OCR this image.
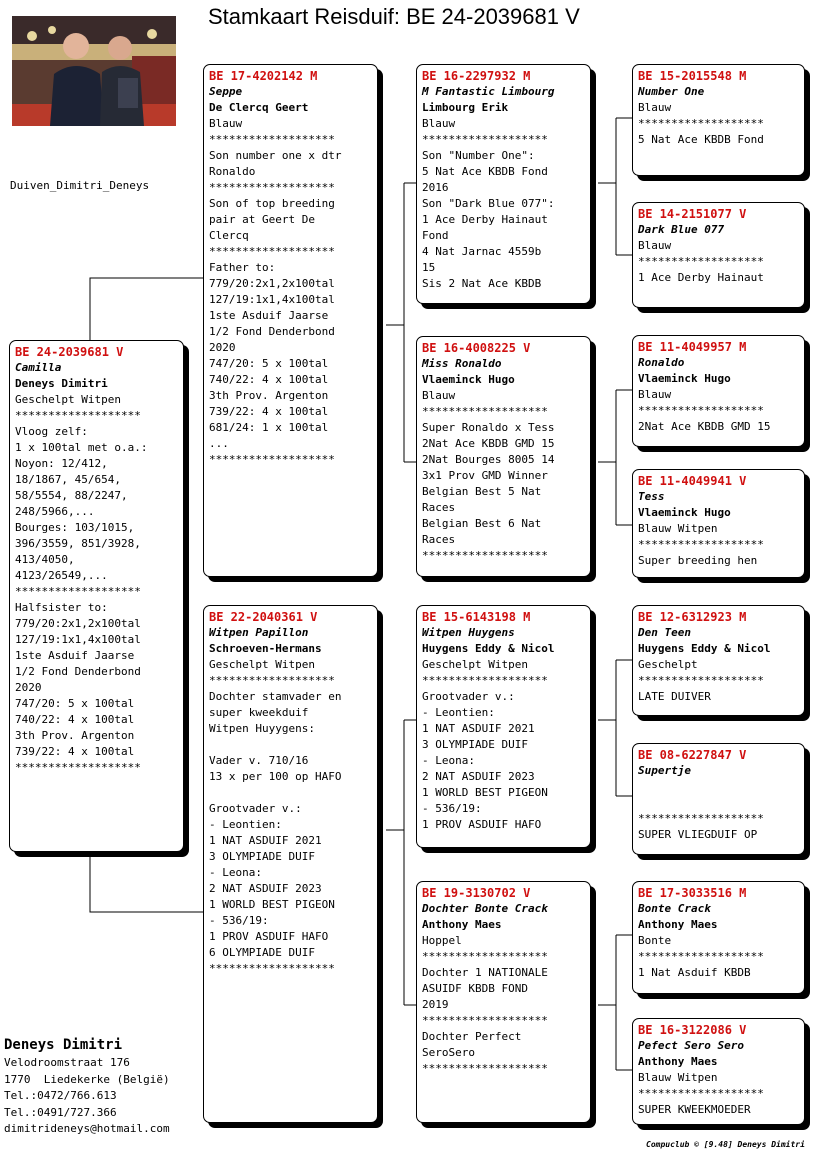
Stamkaart Reisduif: BE 24-2039681 V
Duiven_Dimitri_Deneys
BE 24-2039681 V
Camilla
Deneys Dimitri
Geschelpt Witpen
*******************
Vloog zelf:
1 x 100tal met o.a.:
Noyon: 12/412,
18/1867, 45/654,
58/5554, 88/2247,
248/5966,...
Bourges: 103/1015,
396/3559, 851/3928,
413/4050,
4123/26549,...
*******************
Halfsister to:
779/20:2x1,2x100tal
127/19:1x1,4x100tal
1ste Asduif Jaarse
1/2 Fond Denderbond
2020
747/20: 5 x 100tal
740/22: 4 x 100tal
3th Prov. Argenton
739/22: 4 x 100tal
*******************
BE 17-4202142 M
Seppe
De Clercq Geert
Blauw
*******************
Son number one x dtr
Ronaldo
*******************
Son of top breeding
pair at Geert De
Clercq
*******************
Father to:
779/20:2x1,2x100tal
127/19:1x1,4x100tal
1ste Asduif Jaarse
1/2 Fond Denderbond
2020
747/20: 5 x 100tal
740/22: 4 x 100tal
3th Prov. Argenton
739/22: 4 x 100tal
681/24: 1 x 100tal
...
*******************
BE 22-2040361 V
Witpen Papillon
Schroeven-Hermans
Geschelpt Witpen
*******************
Dochter stamvader en
super kweekduif
Witpen Huyygens:
Vader v. 710/16
13 x per 100 op HAFO
Grootvader v.:
- Leontien:
1 NAT ASDUIF 2021
3 OLYMPIADE DUIF
- Leona:
2 NAT ASDUIF 2023
1 WORLD BEST PIGEON
- 536/19:
1 PROV ASDUIF HAFO
6 OLYMPIADE DUIF
*******************
BE 16-2297932 M
M Fantastic Limbourg
Limbourg Erik
Blauw
*******************
Son "Number One":
5 Nat Ace KBDB Fond
2016
Son "Dark Blue 077":
1 Ace Derby Hainaut
Fond
4 Nat Jarnac 4559b
15
Sis 2 Nat Ace KBDB
BE 16-4008225 V
Miss Ronaldo
Vlaeminck Hugo
Blauw
*******************
Super Ronaldo x Tess
2Nat Ace KBDB GMD 15
2Nat Bourges 8005 14
3x1 Prov GMD Winner
Belgian Best 5 Nat
Races
Belgian Best 6 Nat
Races
*******************
BE 15-6143198 M
Witpen Huygens
Huygens Eddy & Nicol
Geschelpt Witpen
*******************
Grootvader v.:
- Leontien:
1 NAT ASDUIF 2021
3 OLYMPIADE DUIF
- Leona:
2 NAT ASDUIF 2023
1 WORLD BEST PIGEON
- 536/19:
1 PROV ASDUIF HAFO
BE 19-3130702 V
Dochter Bonte Crack
Anthony Maes
Hoppel
*******************
Dochter 1 NATIONALE
ASUIDF KBDB FOND
2019
*******************
Dochter Perfect
SeroSero
*******************
BE 15-2015548 M
Number One
Blauw
*******************
5 Nat Ace KBDB Fond
BE 14-2151077 V
Dark Blue 077
Blauw
*******************
1 Ace Derby Hainaut
BE 11-4049957 M
Ronaldo
Vlaeminck Hugo
Blauw
*******************
2Nat Ace KBDB GMD 15
BE 11-4049941 V
Tess
Vlaeminck Hugo
Blauw Witpen
*******************
Super breeding hen
BE 12-6312923 M
Den Teen
Huygens Eddy & Nicol
Geschelpt
*******************
LATE DUIVER
BE 08-6227847 V
Supertje
*******************
SUPER VLIEGDUIF OP
BE 17-3033516 M
Bonte Crack
Anthony Maes
Bonte
*******************
1 Nat Asduif KBDB
BE 16-3122086 V
Pefect Sero Sero
Anthony Maes
Blauw Witpen
*******************
SUPER KWEEKMOEDER
Deneys Dimitri
Velodroomstraat 176
1770  Liedekerke (België)
Tel.:0472/766.613
Tel.:0491/727.366
dimitrideneys@hotmail.com
Compuclub © [9.48] Deneys Dimitri
